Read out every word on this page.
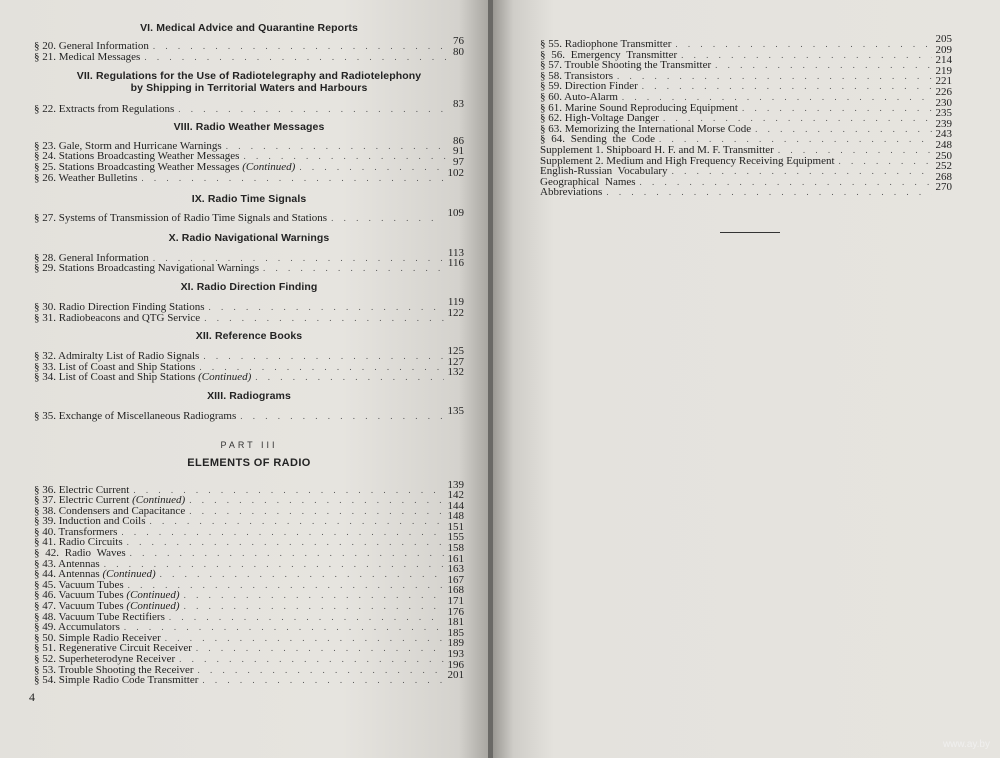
VI. Medical Advice and Quarantine Reports
§ 20. General Information . . .	76
§ 21. Medical Messages . . .	80
VII. Regulations for the Use of Radiotelegraphy and Radiotelephony
by Shipping in Territorial Waters and Harbours
§ 22. Extracts from Regulations . . .	83
VIII. Radio Weather Messages
§ 23. Gale, Storm and Hurricane Warnings . . .	86
§ 24. Stations Broadcasting Weather Messages . . .	91
§ 25. Stations Broadcasting Weather Messages (Continued) . . .	97
§ 26. Weather Bulletins . . .	102
IX. Radio Time Signals
§ 27. Systems of Transmission of Radio Time Signals and Stations . . .	109
X. Radio Navigational Warnings
§ 28. General Information . . .	113
§ 29. Stations Broadcasting Navigational Warnings . . .	116
XI. Radio Direction Finding
§ 30. Radio Direction Finding Stations . . .	119
§ 31. Radiobeacons and QTG Service . . .	122
XII. Reference Books
§ 32. Admiralty List of Radio Signals . . .	125
§ 33. List of Coast and Ship Stations . . .	127
§ 34. List of Coast and Ship Stations (Continued) . . .	132
XIII. Radiograms
§ 35. Exchange of Miscellaneous Radiograms . . .	135
PART III
ELEMENTS OF RADIO
§ 36. Electric Current . . .	139
§ 37. Electric Current (Continued) . . .	142
§ 38. Condensers and Capacitance . . .	144
§ 39. Induction and Coils . . .	148
§ 40. Transformers . . .	151
§ 41. Radio Circuits . . .	155
§ 42. Radio Waves . . .	158
§ 43. Antennas . . .	161
§ 44. Antennas (Continued) . . .	163
§ 45. Vacuum Tubes . . .	167
§ 46. Vacuum Tubes (Continued) . . .	168
§ 47. Vacuum Tubes (Continued) . . .	171
§ 48. Vacuum Tube Rectifiers . . .	176
§ 49. Accumulators . . .	181
§ 50. Simple Radio Receiver . . .	185
§ 51. Regenerative Circuit Receiver . . .	189
§ 52. Superheterodyne Receiver . . .	193
§ 53. Trouble Shooting the Receiver . . .	196
§ 54. Simple Radio Code Transmitter . . .	201
4
§ 55. Radiophone Transmitter . . .	205
§ 56. Emergency Transmitter . . .	209
§ 57. Trouble Shooting the Transmitter . . .	214
§ 58. Transistors . . .	219
§ 59. Direction Finder . . .	221
§ 60. Auto-Alarm . . .	226
§ 61. Marine Sound Reproducing Equipment . . .	230
§ 62. High-Voltage Danger . . .	235
§ 63. Memorizing the International Morse Code . . .	239
§ 64. Sending the Code . . .	243
Supplement 1. Shipboard H. F. and M. F. Transmitter . . .	248
Supplement 2. Medium and High Frequency Receiving Equipment . . .	250
English-Russian Vocabulary . . .	252
Geographical Names . . .	268
Abbreviations . . .	270
www.ay.by
